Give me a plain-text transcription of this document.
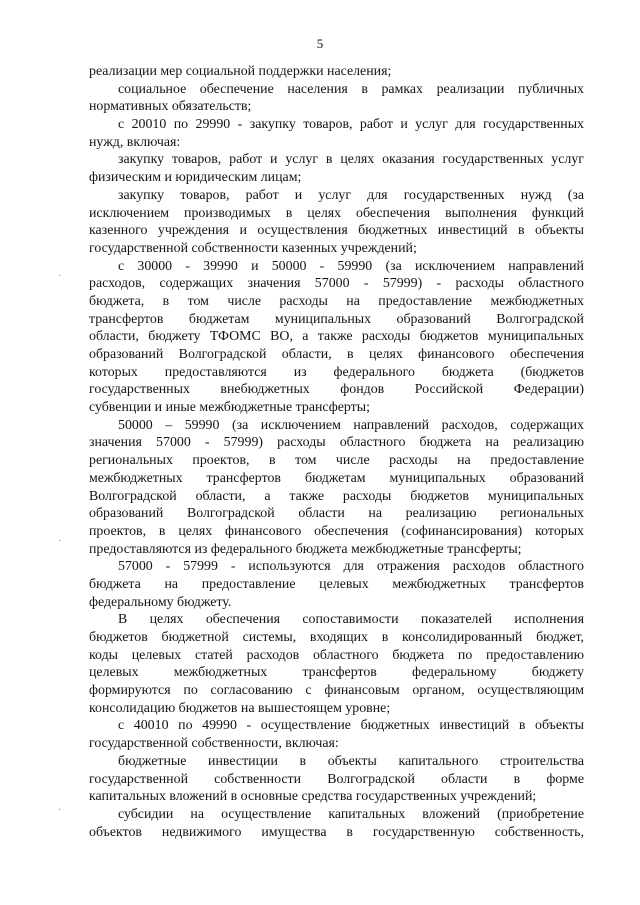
5
реализации мер социальной поддержки населения;
социальное обеспечение населения в рамках реализации публичных
нормативных обязательств;
с 20010 по 29990 - закупку товаров, работ и услуг для государственных
нужд, включая:
закупку товаров, работ и услуг в целях оказания государственных услуг
физическим и юридическим лицам;
закупку товаров, работ и услуг для государственных нужд (за
исключением производимых в целях обеспечения выполнения функций
казенного учреждения и осуществления бюджетных инвестиций в объекты
государственной собственности казенных учреждений;
с 30000 - 39990 и 50000 - 59990 (за исключением направлений
расходов, содержащих значения 57000 - 57999) - расходы областного
бюджета, в том числе расходы на предоставление межбюджетных
трансфертов бюджетам муниципальных образований Волгоградской
области, бюджету ТФОМС ВО, а также расходы бюджетов муниципальных
образований Волгоградской области, в целях финансового обеспечения
которых предоставляются из федерального бюджета (бюджетов
государственных внебюджетных фондов Российской Федерации)
субвенции и иные межбюджетные трансферты;
50000 – 59990 (за исключением направлений расходов, содержащих
значения 57000 - 57999) расходы областного бюджета на реализацию
региональных проектов, в том числе расходы на предоставление
межбюджетных трансфертов бюджетам муниципальных образований
Волгоградской области, а также расходы бюджетов муниципальных
образований Волгоградской области на реализацию региональных
проектов, в целях финансового обеспечения (софинансирования) которых
предоставляются из федерального бюджета межбюджетные трансферты;
57000 - 57999 - используются для отражения расходов областного
бюджета на предоставление целевых межбюджетных трансфертов
федеральному бюджету.
В целях обеспечения сопоставимости показателей исполнения
бюджетов бюджетной системы, входящих в консолидированный бюджет,
коды целевых статей расходов областного бюджета по предоставлению
целевых межбюджетных трансфертов федеральному бюджету
формируются по согласованию с финансовым органом, осуществляющим
консолидацию бюджетов на вышестоящем уровне;
с 40010 по 49990 - осуществление бюджетных инвестиций в объекты
государственной собственности, включая:
бюджетные инвестиции в объекты капитального строительства
государственной собственности Волгоградской области в форме
капитальных вложений в основные средства государственных учреждений;
субсидии на осуществление капитальных вложений (приобретение
объектов недвижимого имущества в государственную собственность,
·
·
·
